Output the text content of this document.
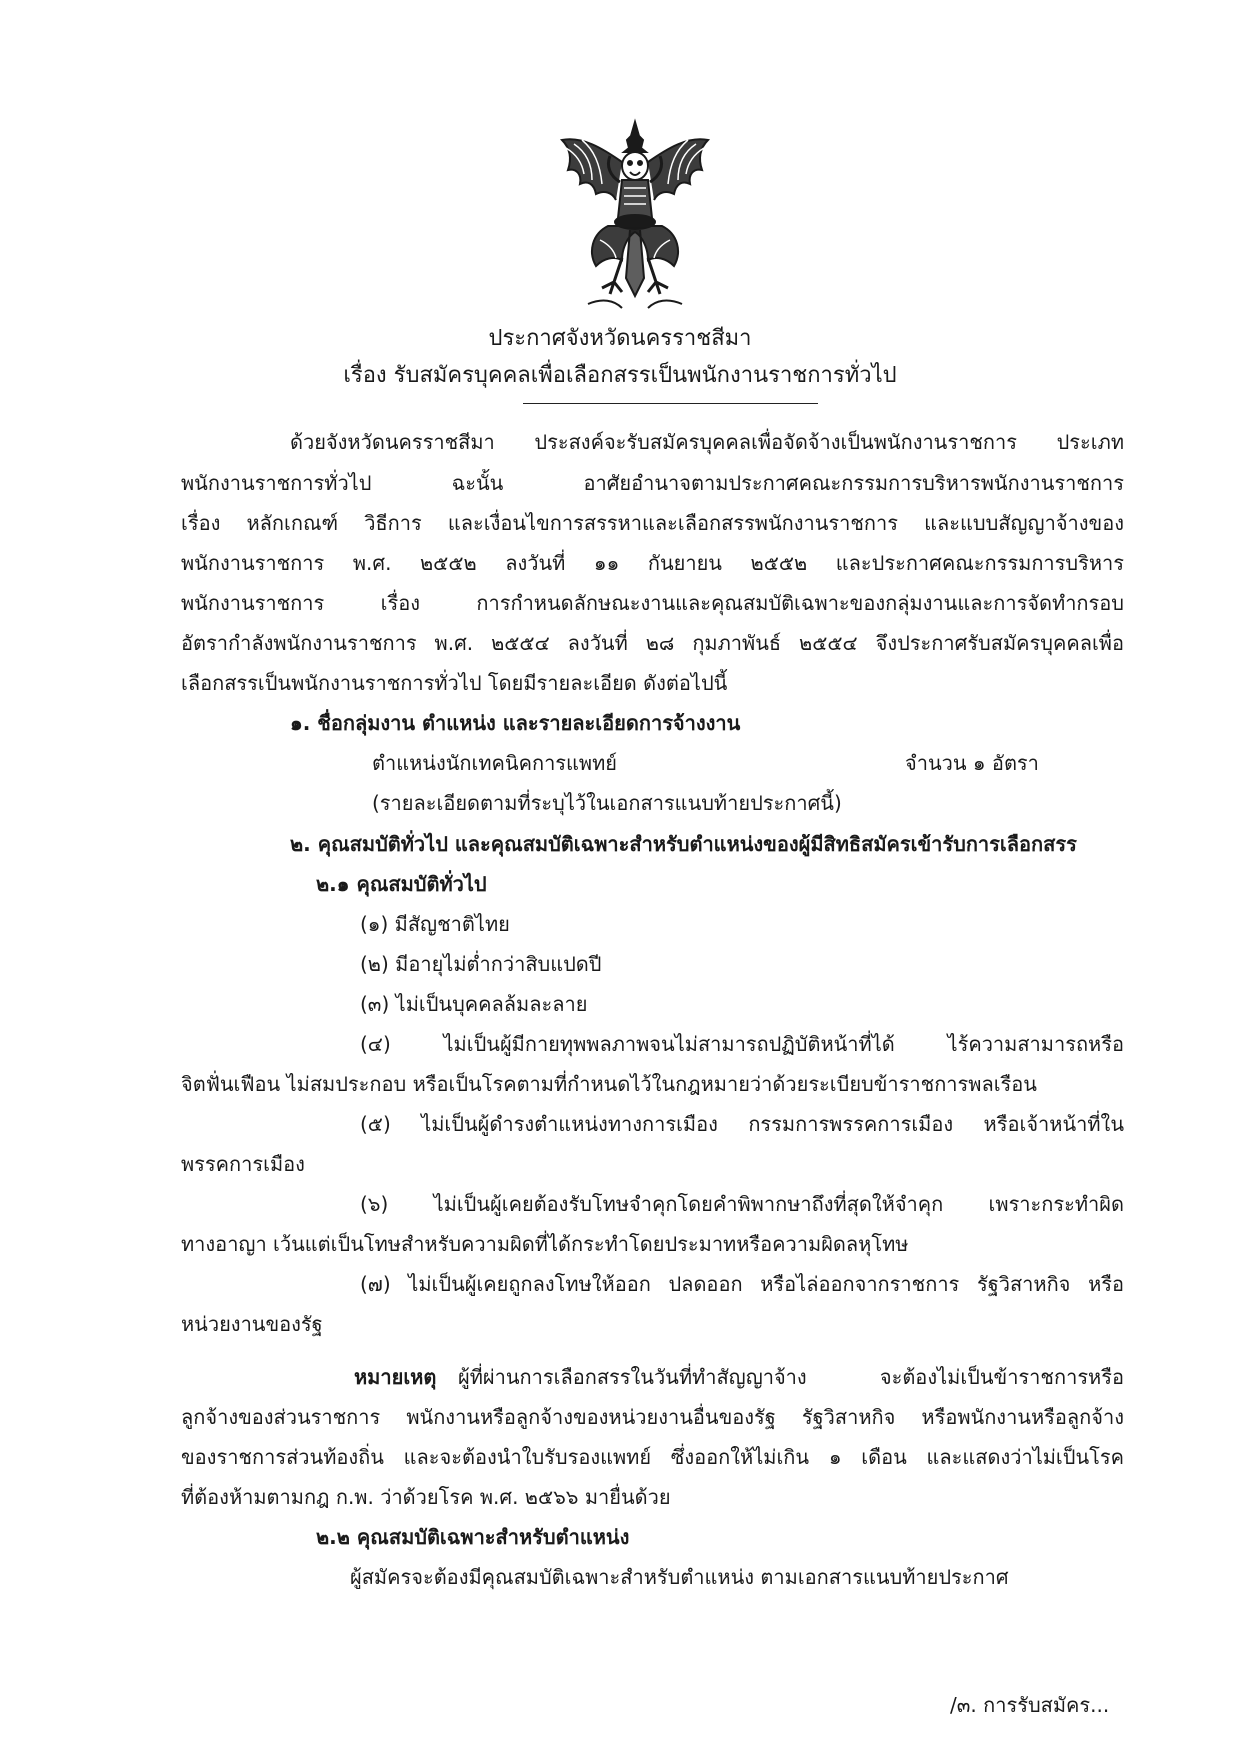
ประกาศจังหวัดนครราชสีมา
เรื่อง รับสมัครบุคคลเพื่อเลือกสรรเป็นพนักงานราชการทั่วไป
ด้วยจังหวัดนครราชสีมา ประสงค์จะรับสมัครบุคคลเพื่อจัดจ้างเป็นพนักงานราชการ ประเภท
พนักงานราชการทั่วไป ฉะนั้น อาศัยอำนาจตามประกาศคณะกรรมการบริหารพนักงานราชการ
เรื่อง หลักเกณฑ์ วิธีการ และเงื่อนไขการสรรหาและเลือกสรรพนักงานราชการ และแบบสัญญาจ้างของ
พนักงานราชการ พ.ศ. ๒๕๕๒ ลงวันที่ ๑๑ กันยายน ๒๕๕๒ และประกาศคณะกรรมการบริหาร
พนักงานราชการ เรื่อง การกำหนดลักษณะงานและคุณสมบัติเฉพาะของกลุ่มงานและการจัดทำกรอบ
อัตรากำลังพนักงานราชการ พ.ศ. ๒๕๕๔ ลงวันที่ ๒๘ กุมภาพันธ์ ๒๕๕๔ จึงประกาศรับสมัครบุคคลเพื่อ
เลือกสรรเป็นพนักงานราชการทั่วไป โดยมีรายละเอียด ดังต่อไปนี้
๑. ชื่อกลุ่มงาน ตำแหน่ง และรายละเอียดการจ้างงาน
ตำแหน่งนักเทคนิคการแพทย์	จำนวน ๑ อัตรา
(รายละเอียดตามที่ระบุไว้ในเอกสารแนบท้ายประกาศนี้)
๒. คุณสมบัติทั่วไป และคุณสมบัติเฉพาะสำหรับตำแหน่งของผู้มีสิทธิสมัครเข้ารับการเลือกสรร
๒.๑ คุณสมบัติทั่วไป
(๑) มีสัญชาติไทย
(๒) มีอายุไม่ต่ำกว่าสิบแปดปี
(๓) ไม่เป็นบุคคลล้มละลาย
(๔) ไม่เป็นผู้มีกายทุพพลภาพจนไม่สามารถปฏิบัติหน้าที่ได้ ไร้ความสามารถหรือ
จิตฟั่นเฟือน ไม่สมประกอบ หรือเป็นโรคตามที่กำหนดไว้ในกฎหมายว่าด้วยระเบียบข้าราชการพลเรือน
(๕) ไม่เป็นผู้ดำรงตำแหน่งทางการเมือง กรรมการพรรคการเมือง หรือเจ้าหน้าที่ใน
พรรคการเมือง
(๖) ไม่เป็นผู้เคยต้องรับโทษจำคุกโดยคำพิพากษาถึงที่สุดให้จำคุก เพราะกระทำผิด
ทางอาญา เว้นแต่เป็นโทษสำหรับความผิดที่ได้กระทำโดยประมาทหรือความผิดลหุโทษ
(๗) ไม่เป็นผู้เคยถูกลงโทษให้ออก ปลดออก หรือไล่ออกจากราชการ รัฐวิสาหกิจ หรือ
หน่วยงานของรัฐ
หมายเหตุ ผู้ที่ผ่านการเลือกสรรในวันที่ทำสัญญาจ้าง จะต้องไม่เป็นข้าราชการหรือ
ลูกจ้างของส่วนราชการ พนักงานหรือลูกจ้างของหน่วยงานอื่นของรัฐ รัฐวิสาหกิจ หรือพนักงานหรือลูกจ้าง
ของราชการส่วนท้องถิ่น และจะต้องนำใบรับรองแพทย์ ซึ่งออกให้ไม่เกิน ๑ เดือน และแสดงว่าไม่เป็นโรค
ที่ต้องห้ามตามกฎ ก.พ. ว่าด้วยโรค พ.ศ. ๒๕๖๖ มายื่นด้วย
๒.๒ คุณสมบัติเฉพาะสำหรับตำแหน่ง
ผู้สมัครจะต้องมีคุณสมบัติเฉพาะสำหรับตำแหน่ง ตามเอกสารแนบท้ายประกาศ
/๓. การรับสมัคร...
